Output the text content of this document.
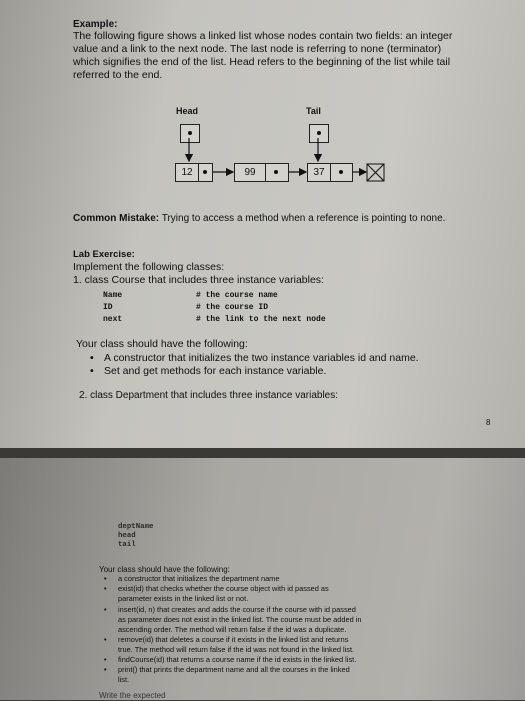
Example:
The following figure shows a linked list whose nodes contain two fields: an integer
value and a link to the next node. The last node is referring to none (terminator)
which signifies the end of the list. Head refers to the beginning of the list while tail
referred to the end.
Head	Tail
12	99	37
Common Mistake: Trying to access a method when a reference is pointing to none.
Lab Exercise:
Implement the following classes:
1. class Course that includes three instance variables:
Name	# the course name
ID	# the course ID
next	# the link to the next node
Your class should have the following:
• A constructor that initializes the two instance variables id and name.
• Set and get methods for each instance variable.
2. class Department that includes three instance variables:
8
deptName
head
tail
Your class should have the following:
• a constructor that initializes the department name
• exist(id) that checks whether the course object with id passed as
parameter exists in the linked list or not.
• insert(id, n) that creates and adds the course if the course with id passed
as parameter does not exist in the linked list. The course must be added in
ascending order. The method will return false if the id was a duplicate.
• remove(id) that deletes a course if it exists in the linked list and returns
true. The method will return false if the id was not found in the linked list.
• findCourse(id) that returns a course name if the id exists in the linked list.
• print() that prints the department name and all the courses in the linked
list.
Write the expected
